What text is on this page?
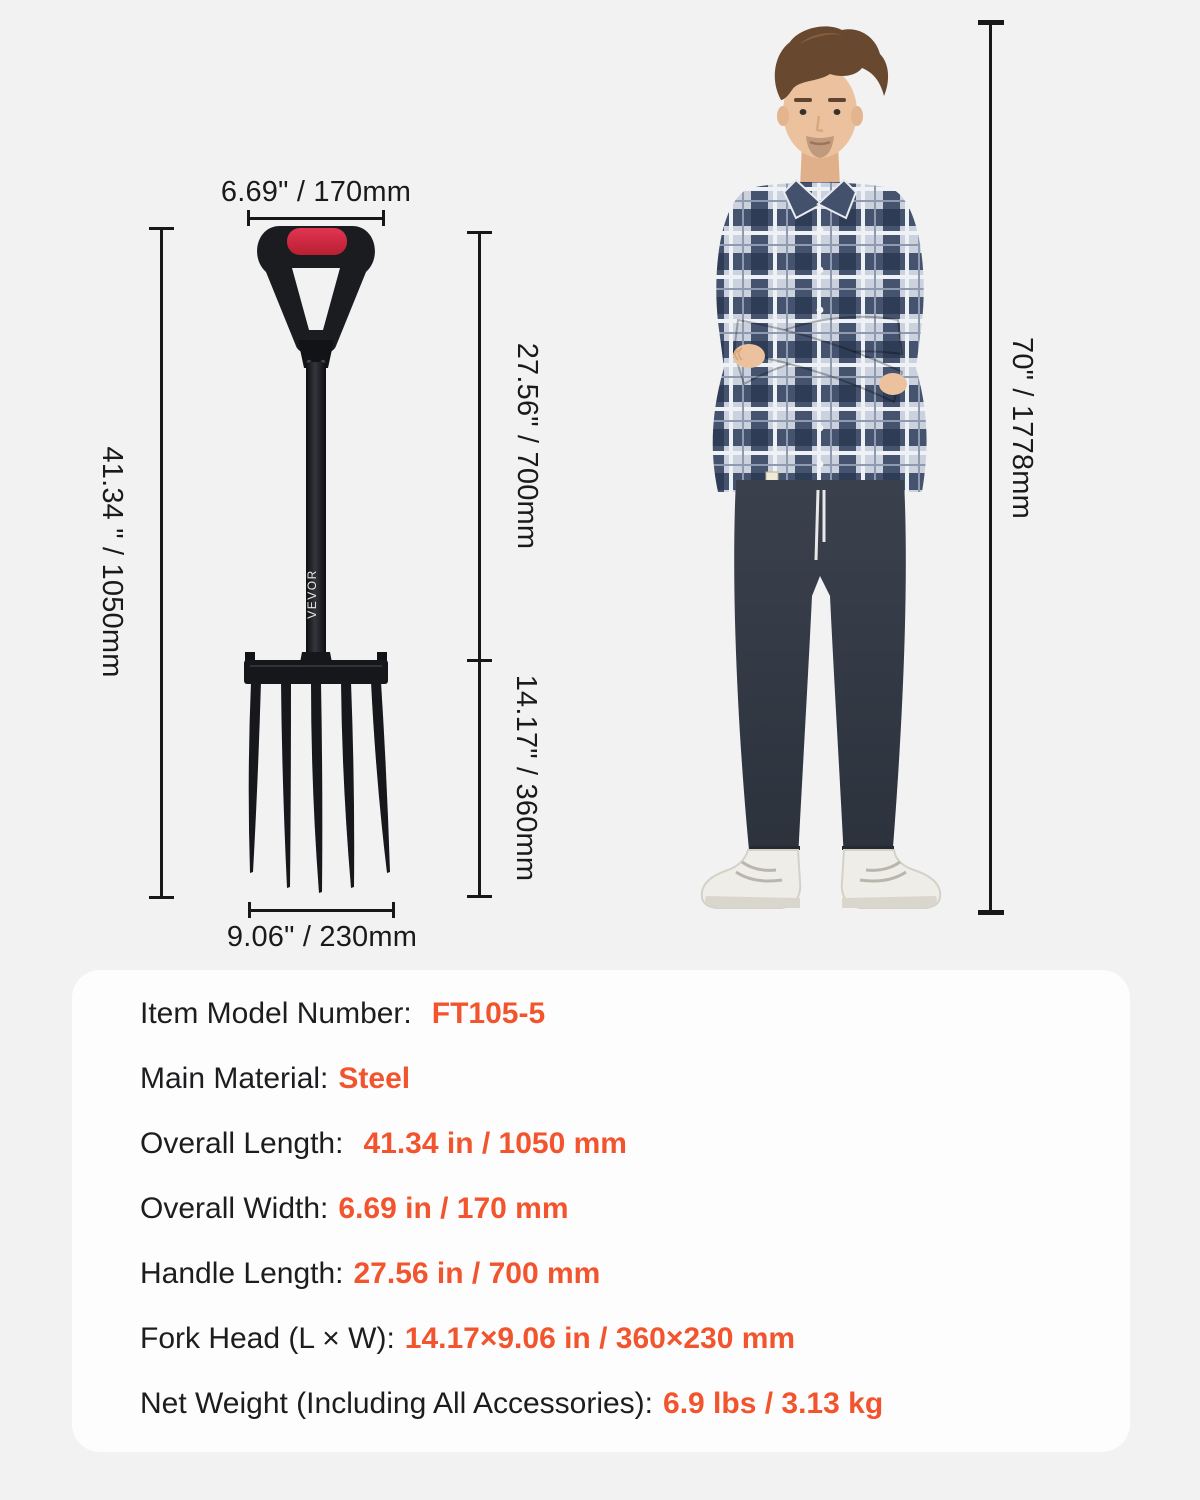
6.69" / 170mm
41.34 " / 1050mm
27.56" / 700mm
14.17" / 360mm
9.06" / 230mm
70" / 1778mm
VEVOR
Item Model Number: FT105-5
Main Material: Steel
Overall Length: 41.34 in / 1050 mm
Overall Width: 6.69 in / 170 mm
Handle Length: 27.56 in / 700 mm
Fork Head (L × W): 14.17×9.06 in / 360×230 mm
Net Weight (Including All Accessories): 6.9 lbs / 3.13 kg
